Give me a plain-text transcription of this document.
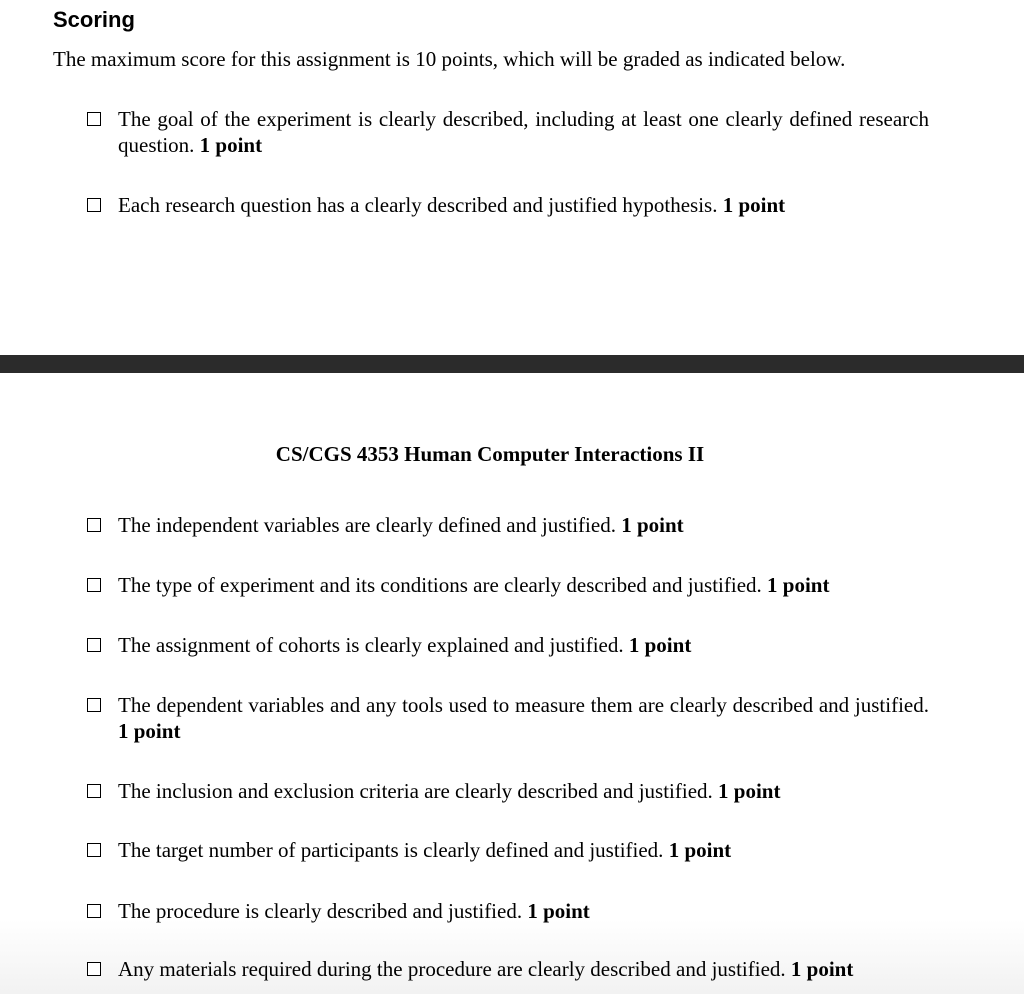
Scoring

The maximum score for this assignment is 10 points, which will be graded as indicated below.

The goal of the experiment is clearly described, including at least one clearly defined research question. 1 point
Each research question has a clearly described and justified hypothesis. 1 point
CS/CGS 4353 Human Computer Interactions II
The independent variables are clearly defined and justified. 1 point
The type of experiment and its conditions are clearly described and justified. 1 point
The assignment of cohorts is clearly explained and justified. 1 point
The dependent variables and any tools used to measure them are clearly described and justified. 1 point
The inclusion and exclusion criteria are clearly described and justified. 1 point
The target number of participants is clearly defined and justified. 1 point
The procedure is clearly described and justified. 1 point
Any materials required during the procedure are clearly described and justified. 1 point
